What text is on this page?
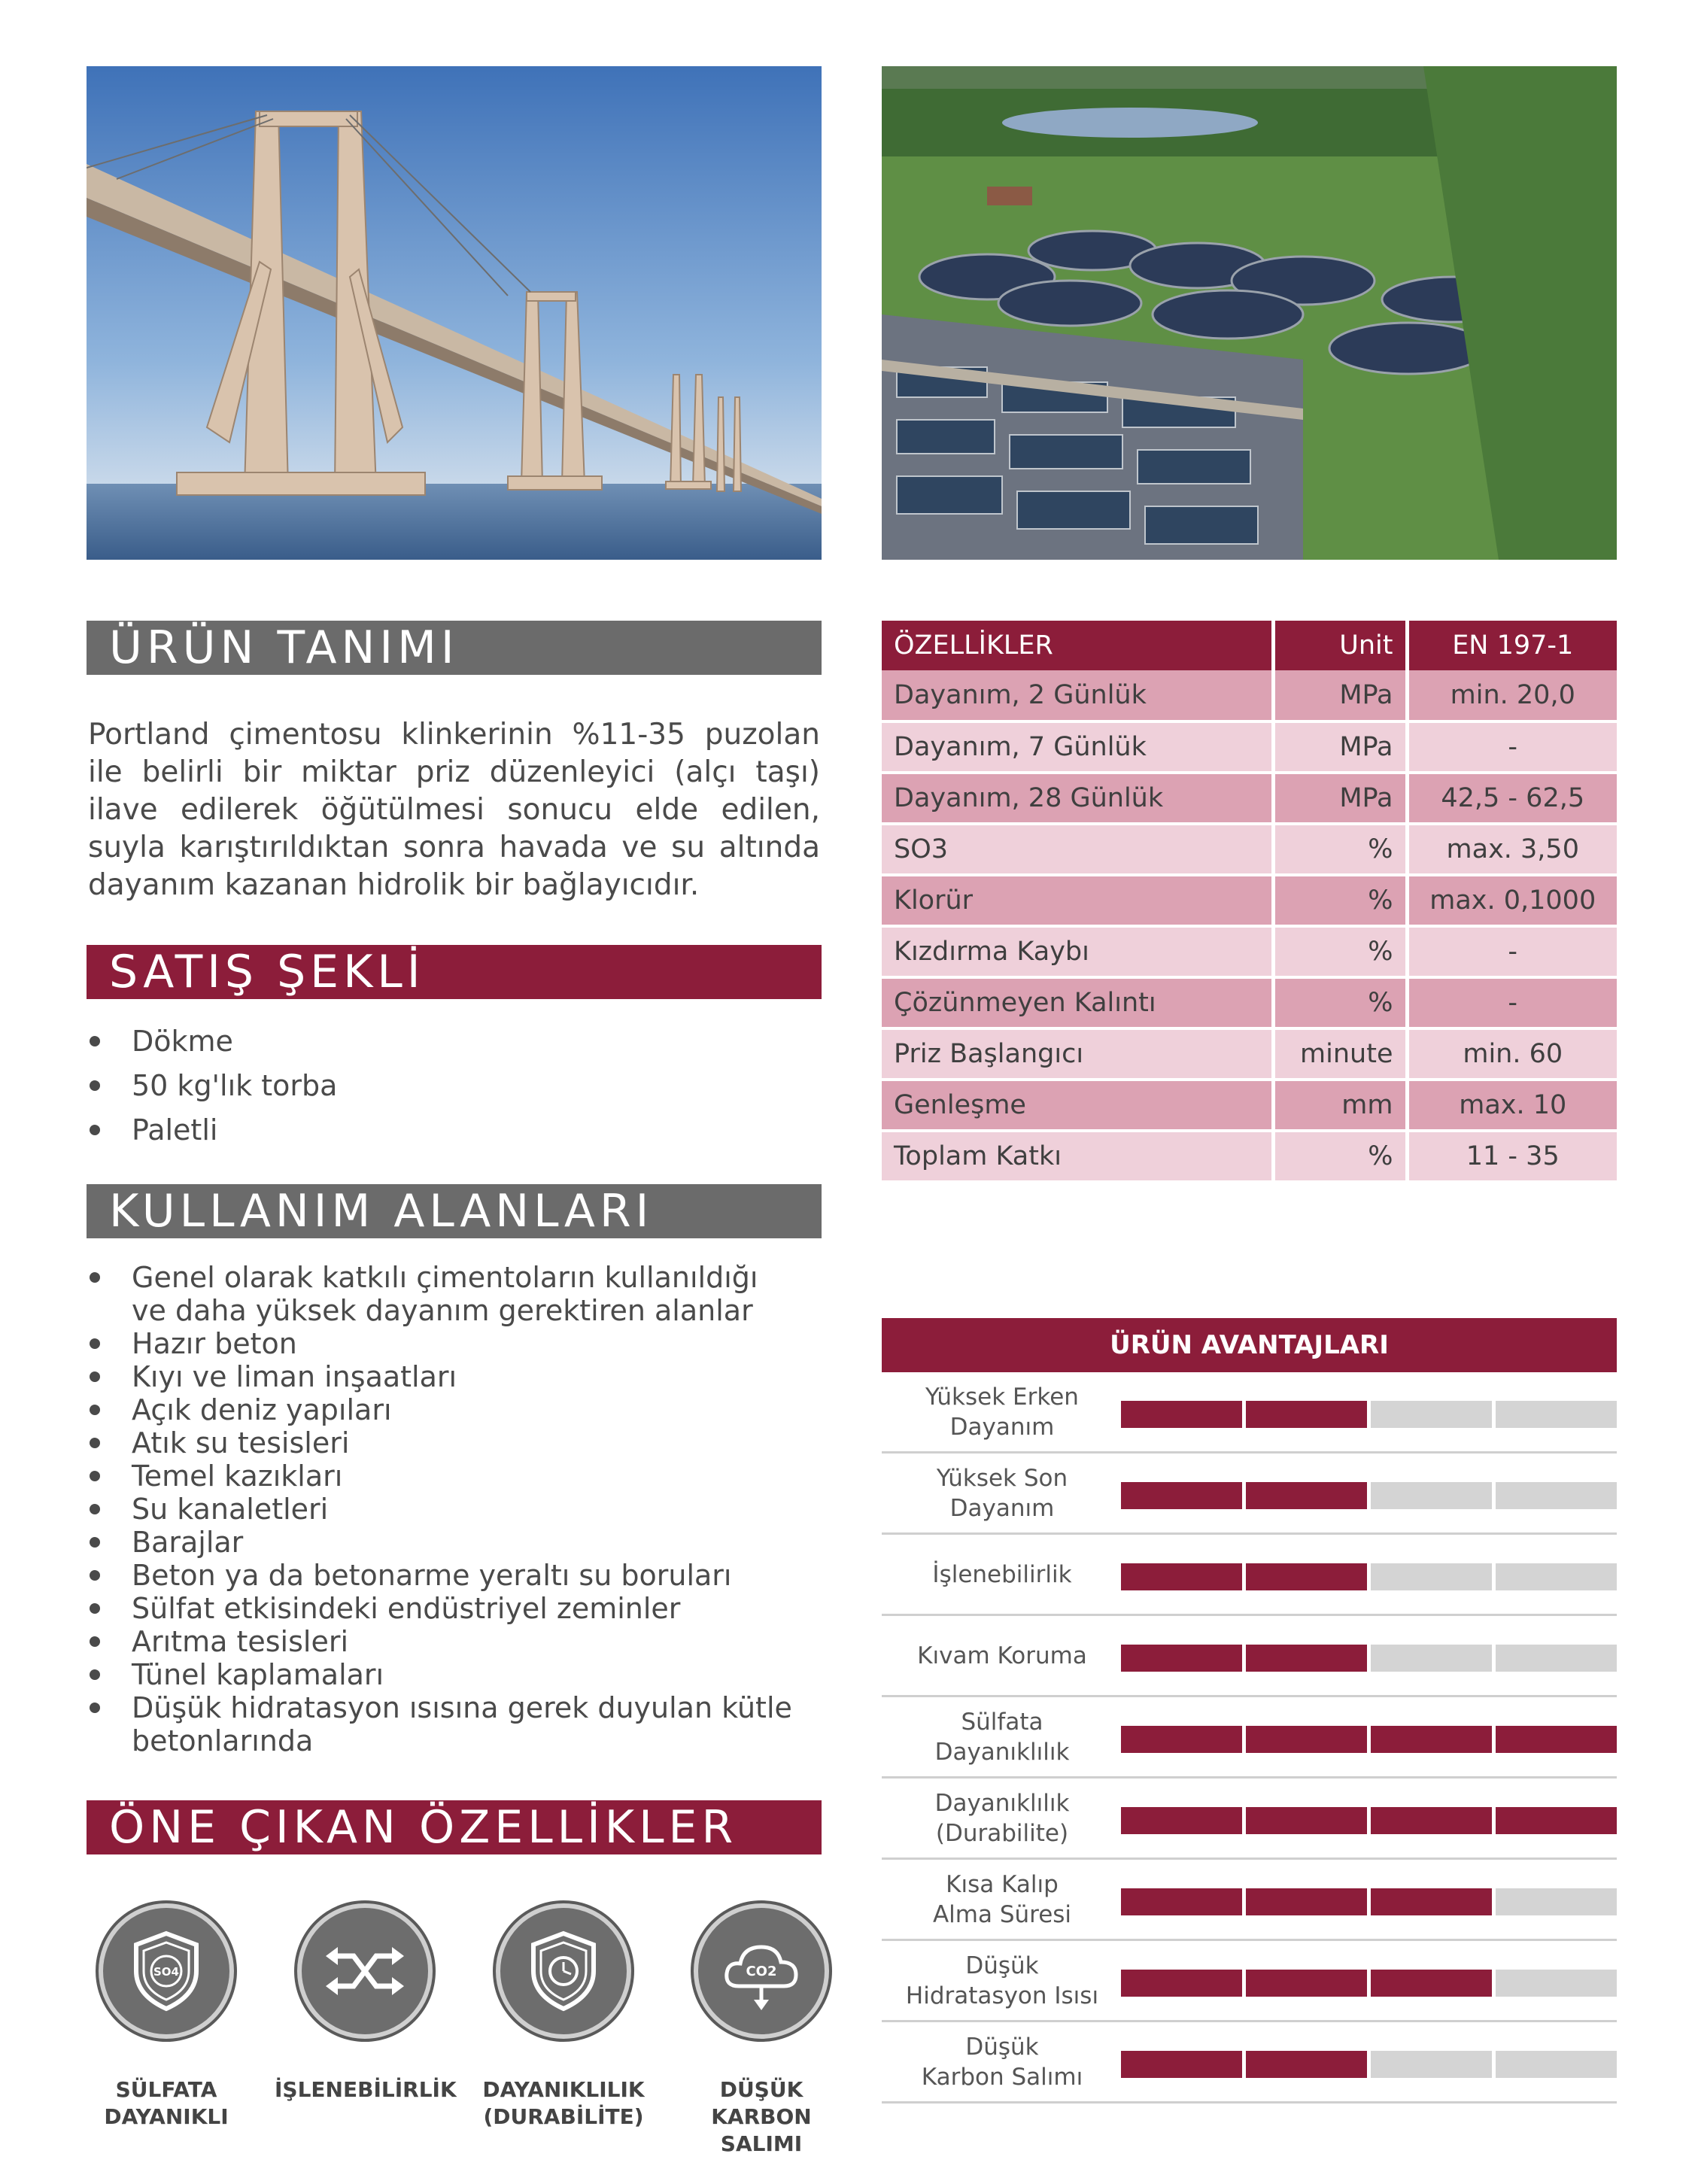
ÜRÜN TANIMI

Portland çimentosu klinkerinin %11-35 puzolan ile belirli bir miktar priz düzenleyici (alçı taşı) ilave edilerek öğütülmesi sonucu elde edilen, suyla karıştırıldıktan sonra havada ve su altında dayanım kazanan hidrolik bir bağlayıcıdır.

SATIŞ ŞEKLİ
Dökme
50 kg'lık torba
Paletli
KULLANIM ALANLARI
Genel olarak katkılı çimentoların kullanıldığı ve daha yüksek dayanım gerektiren alanlar
Hazır beton
Kıyı ve liman inşaatları
Açık deniz yapıları
Atık su tesisleri
Temel kazıkları
Su kanaletleri
Barajlar
Beton ya da betonarme yeraltı su boruları
Sülfat etkisindeki endüstriyel zeminler
Arıtma tesisleri
Tünel kaplamaları
Düşük hidratasyon ısısına gerek duyulan kütle betonlarında
ÖNE ÇIKAN ÖZELLİKLER
SO4
SÜLFATA
DAYANIKLI
İŞLENEBİLİRLİK	DAYANIKLILIK
(DURABİLİTE)
CO2
DÜŞÜK KARBON
SALIMI
ÖZELLİKLER	Unit	EN 197-1
Dayanım, 2 Günlük	MPa	min. 20,0
Dayanım, 7 Günlük	MPa	-
Dayanım, 28 Günlük	MPa	42,5 - 62,5
SO3	%	max. 3,50
Klorür	%	max. 0,1000
Kızdırma Kaybı	%	-
Çözünmeyen Kalıntı	%	-
Priz Başlangıcı	minute	min. 60
Genleşme	mm	max. 10
Toplam Katkı	%	11 - 35
ÜRÜN AVANTAJLARI
Yüksek Erken
Dayanım
Yüksek Son
Dayanım
İşlenebilirlik
Kıvam Koruma
Sülfata
Dayanıklılık
Dayanıklılık
(Durabilite)
Kısa Kalıp
Alma Süresi
Düşük
Hidratasyon Isısı
Düşük
Karbon Salımı
